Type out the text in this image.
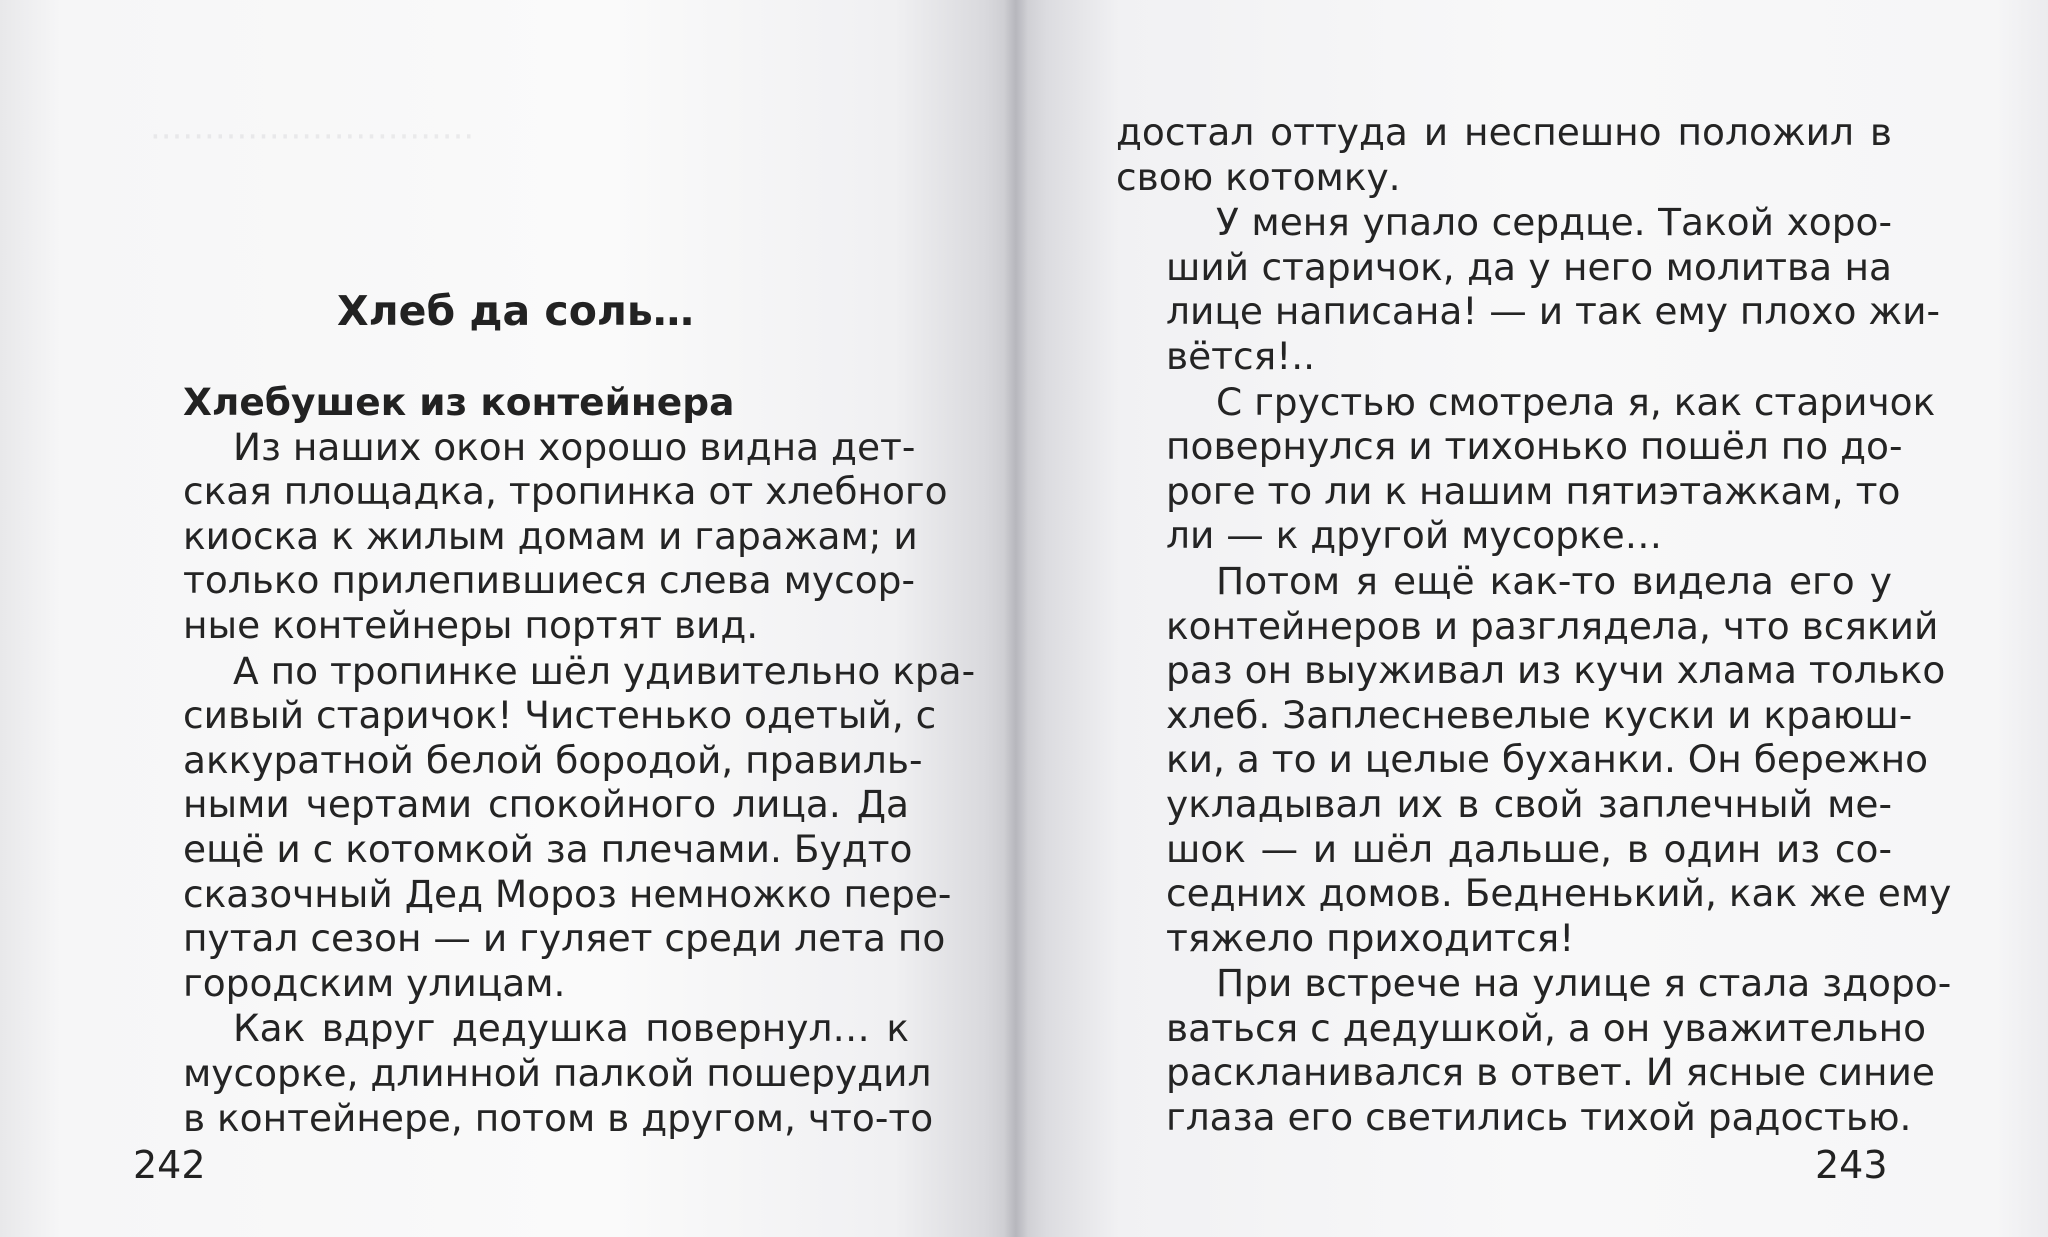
······························
Хлеб да соль…
Хлебушек из контейнера
Из наших окон хорошо видна дет-
ская площадка, тропинка от хлебного
киоска к жилым домам и гаражам; и
только прилепившиеся слева мусор-
ные контейнеры портят вид.
А по тропинке шёл удивительно кра-
сивый старичок! Чистенько одетый, с
аккуратной белой бородой, правиль-
ными чертами спокойного лица. Да
ещё и с котомкой за плечами. Будто
сказочный Дед Мороз немножко пере-
путал сезон — и гуляет среди лета по
городским улицам.
Как вдруг дедушка повернул… к
мусорке, длинной палкой пошерудил
в контейнере, потом в другом, что-то
242
достал оттуда и неспешно положил в
свою котомку.
У меня упало сердце. Такой хоро-
ший старичок, да у него молитва на
лице написана! — и так ему плохо жи-
вётся!..
С грустью смотрела я, как старичок
повернулся и тихонько пошёл по до-
роге то ли к нашим пятиэтажкам, то
ли — к другой мусорке…
Потом я ещё как-то видела его у
контейнеров и разглядела, что всякий
раз он выуживал из кучи хлама только
хлеб. Заплесневелые куски и краюш-
ки, а то и целые буханки. Он бережно
укладывал их в свой заплечный ме-
шок — и шёл дальше, в один из со-
седних домов. Бедненький, как же ему
тяжело приходится!
При встрече на улице я стала здоро-
ваться с дедушкой, а он уважительно
раскланивался в ответ. И ясные синие
глаза его светились тихой радостью.
243
